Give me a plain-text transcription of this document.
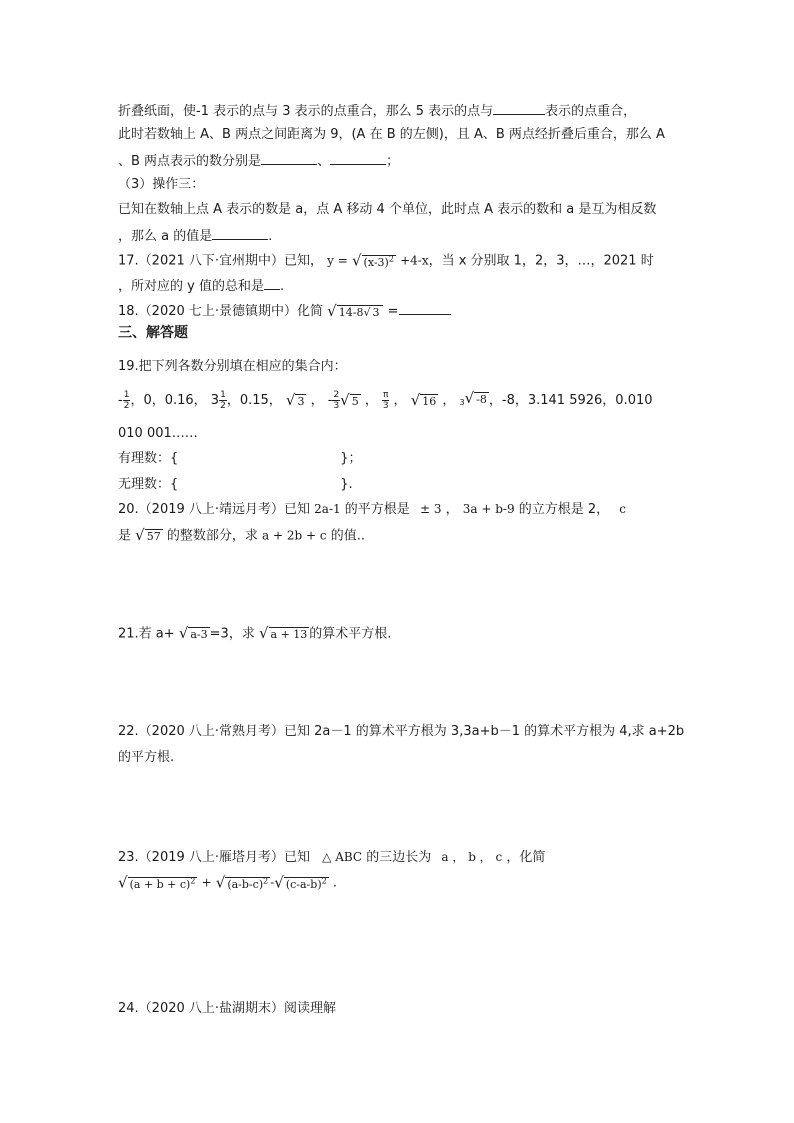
折叠纸面，使-1 表示的点与 3 表示的点重合，那么 5 表示的点与	表示的点重合，
此时若数轴上 A、B 两点之间距离为 9，(A 在 B 的左侧)，且 A、B 两点经折叠后重合，那么 A
、B 两点表示的数分别是	、	；
（3）操作三：
已知在数轴上点 A 表示的数是 a，点 A 移动 4 个单位，此时点 A 表示的数和 a 是互为相反数
，那么 a 的值是	.
17.（2021 八下·宜州期中）已知， y = √ $(x-3)^2 +4-x$，当 x 分别取 1，2，3，…，2021 时
，所对应的 y 值的总和是 .
18.（2020 七上·景德镇期中）化简 √ 14-8√ 3 =
三、解答题
19.把下列各数分别填在相应的集合内：
- $\frac{1}{2}$ ，0，0.16， $3 \frac{1}{2}$ ，0.15， √ 3 ， - $\frac{2}{3}$ √ 5 ， $\frac{\pi}{3}$ ， √ 16 ， 3√ -8 ，-8，3.141 5926，0.010
010 001……
有理数：{	}；
无理数：{	}.
20.（2019 八上·靖远月考）已知 2a-1 的平方根是 ± 3 ， 3a + b-9 的立方根是 2， c
是 √ 57 的整数部分，求 a + 2b + c 的值..
21.若 a+ √ a-3 =3，求 √ a + 13 的算术平方根.
22.（2020 八上·常熟月考）已知 2a－1 的算术平方根为 3,3a+b－1 的算术平方根为 4,求 a+2b
的平方根.
23.（2019 八上·雁塔月考）已知 △ ABC 的三边长为 a ， b ， c ，化简
√ $(a + b + c)^2$ + √ $(a-b-c)^2$ -√ $(c-a-b)^2$ .
24.（2020 八上·盐湖期末）阅读理解
